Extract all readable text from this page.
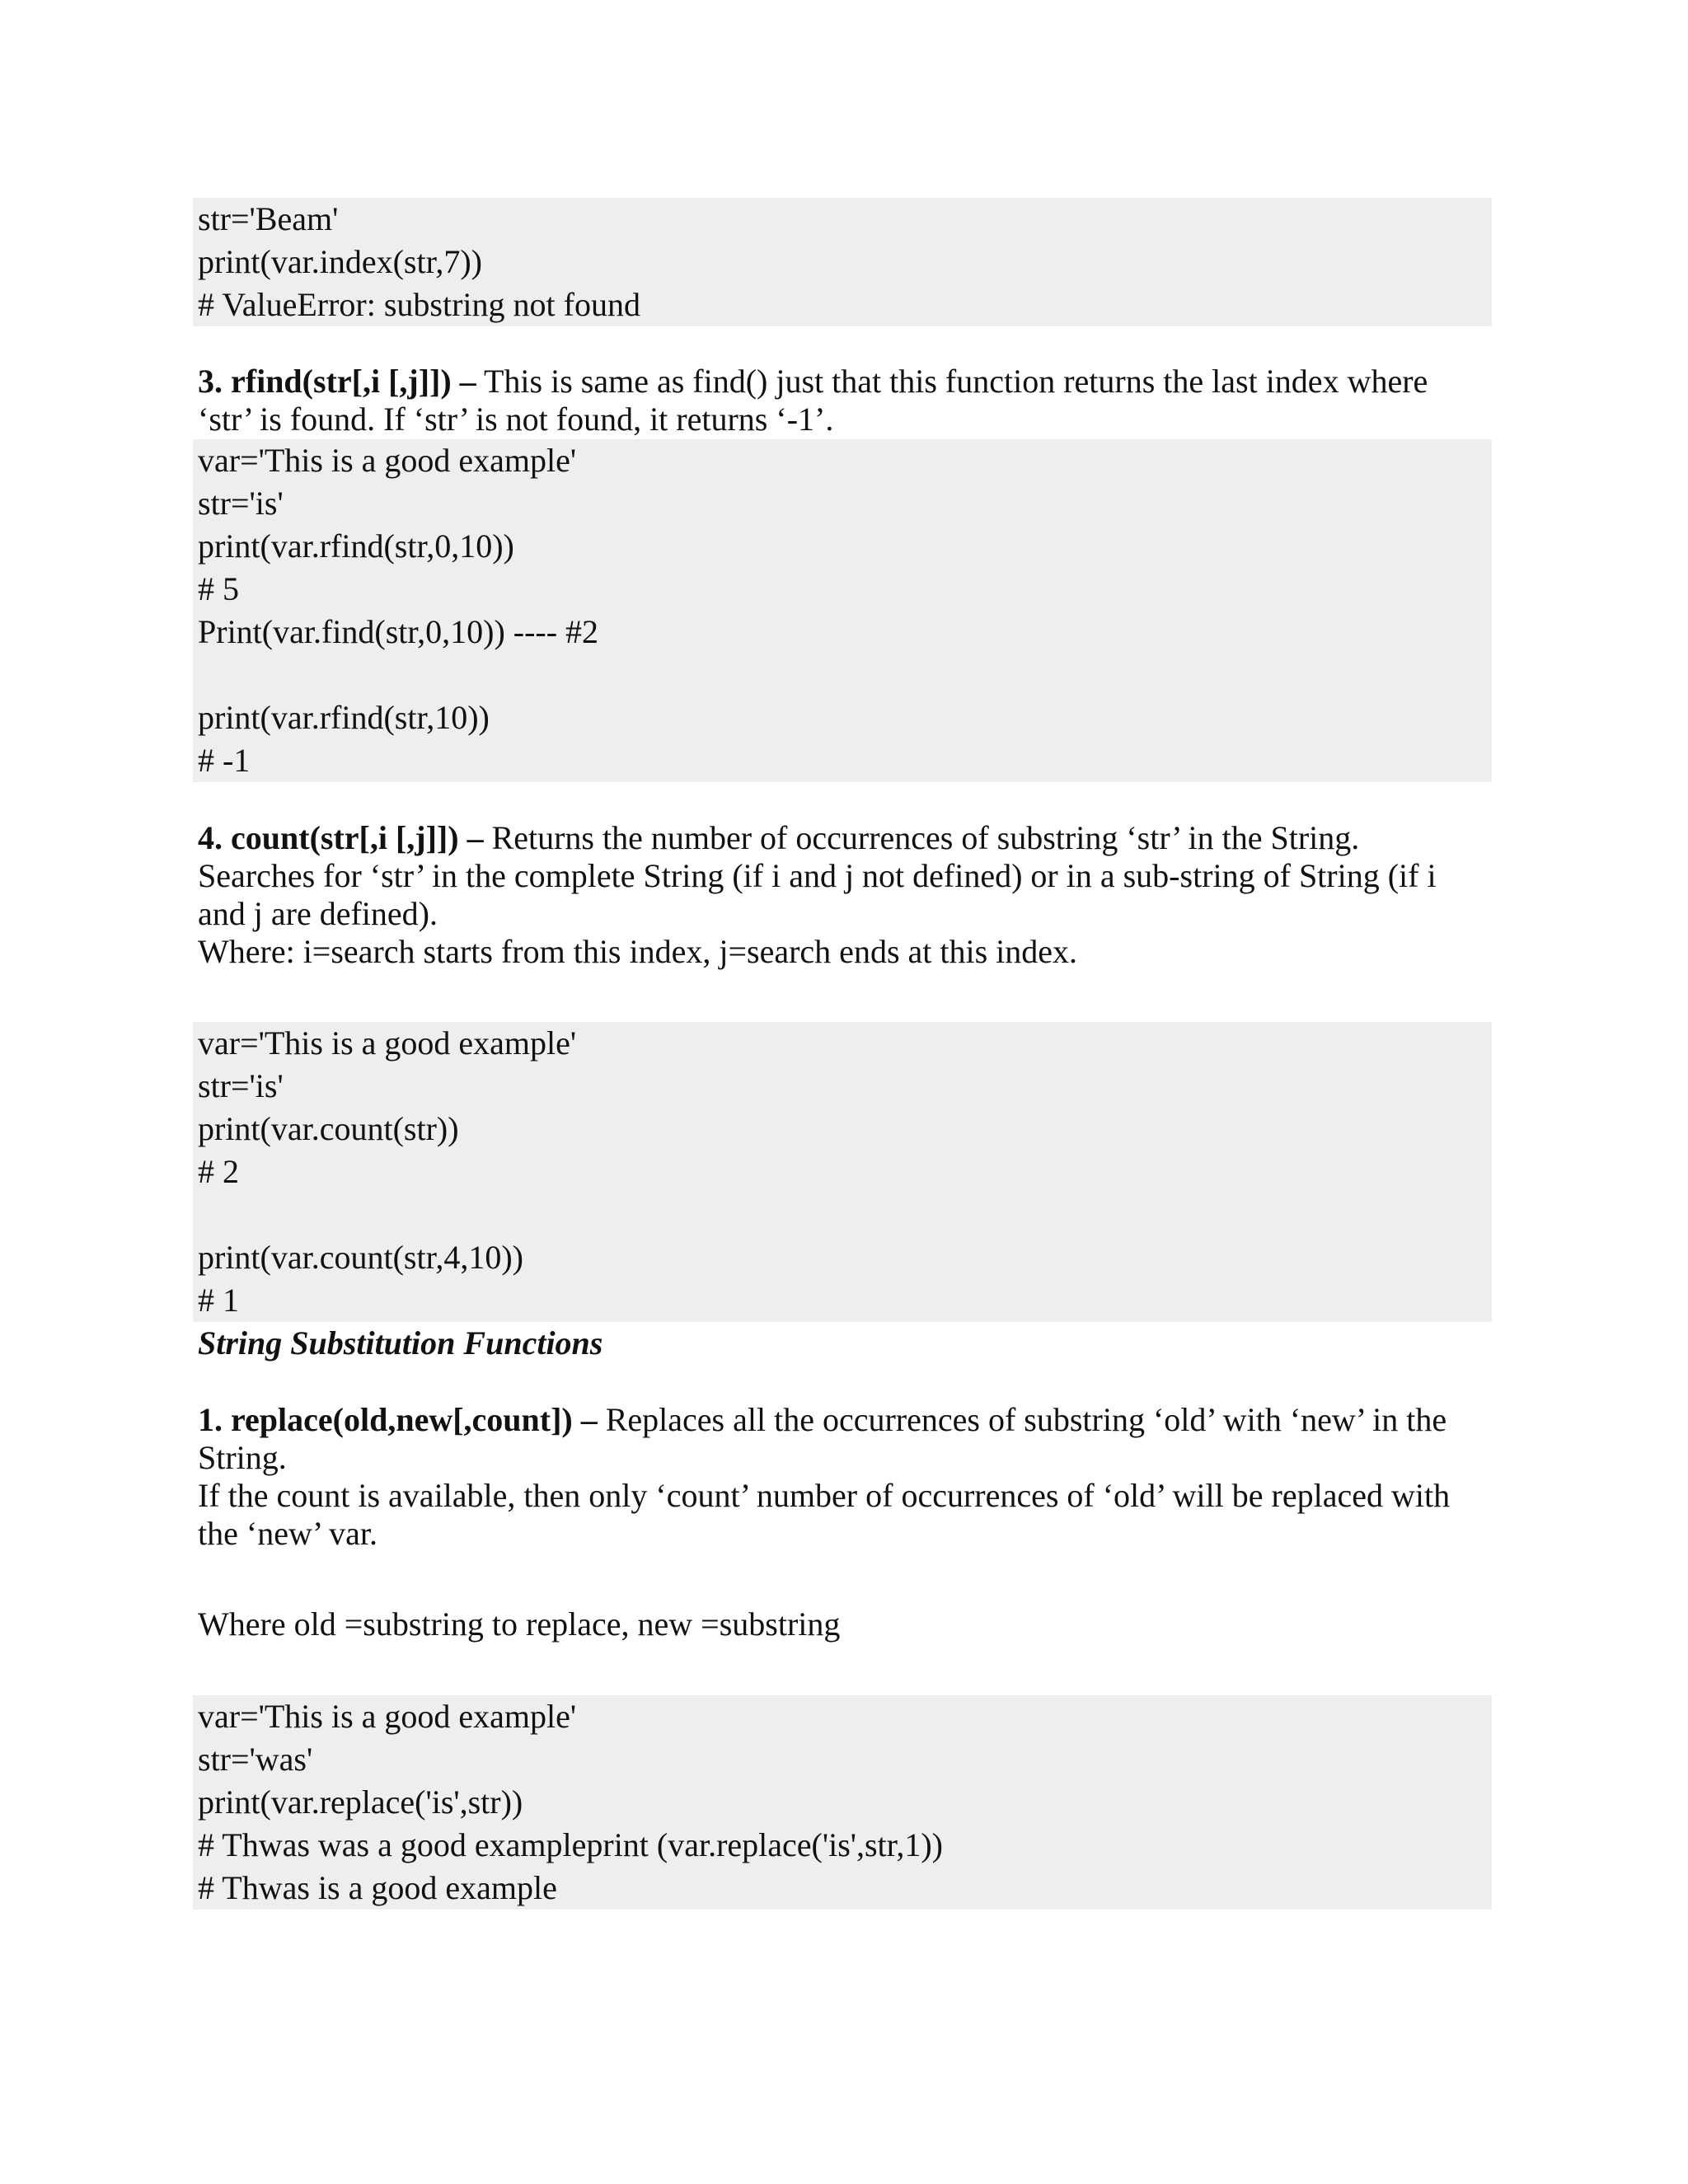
str='Beam'
print(var.index(str,7))
# ValueError: substring not found
3. rfind(str[,i [,j]]) – This is same as find() just that this function returns the last index where
‘str’ is found. If ‘str’ is not found, it returns ‘-1’.
var='This is a good example'
str='is'
print(var.rfind(str,0,10))
# 5
Print(var.find(str,0,10)) ---- #2
print(var.rfind(str,10))
# -1
4. count(str[,i [,j]]) – Returns the number of occurrences of substring ‘str’ in the String.
Searches for ‘str’ in the complete String (if i and j not defined) or in a sub-string of String (if i
and j are defined).
Where: i=search starts from this index, j=search ends at this index.
var='This is a good example'
str='is'
print(var.count(str))
# 2
print(var.count(str,4,10))
# 1
String Substitution Functions
1. replace(old,new[,count]) – Replaces all the occurrences of substring ‘old’ with ‘new’ in the
String.
If the count is available, then only ‘count’ number of occurrences of ‘old’ will be replaced with
the ‘new’ var.
Where old =substring to replace, new =substring
var='This is a good example'
str='was'
print(var.replace('is',str))
# Thwas was a good exampleprint (var.replace('is',str,1))
# Thwas is a good example
